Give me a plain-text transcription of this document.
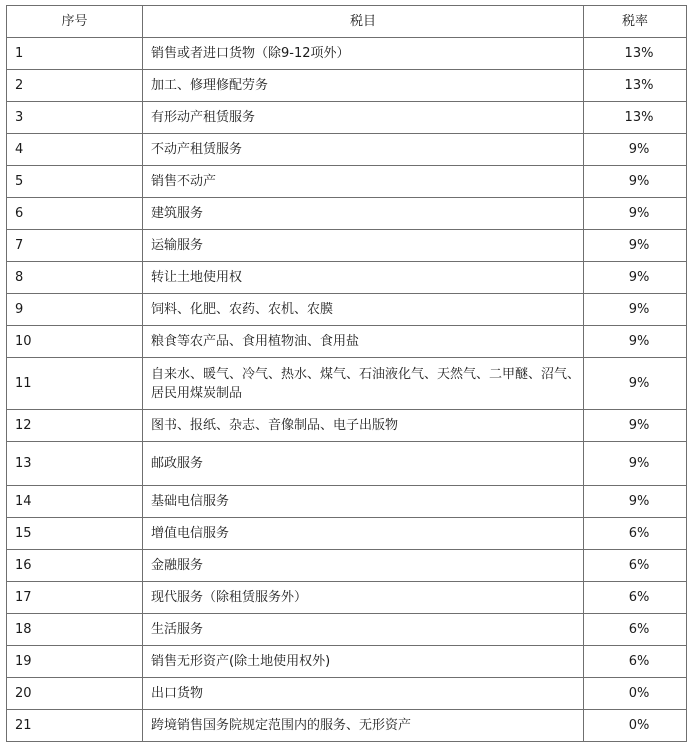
序号	税目	税率
1	销售或者进口货物（除9-12项外）	13%
2	加工、修理修配劳务	13%
3	有形动产租赁服务	13%
4	不动产租赁服务	9%
5	销售不动产	9%
6	建筑服务	9%
7	运输服务	9%
8	转让土地使用权	9%
9	饲料、化肥、农药、农机、农膜	9%
10	粮食等农产品、食用植物油、食用盐	9%
11	自来水、暖气、冷气、热水、煤气、石油液化气、天然气、二甲醚、沼气、居民用煤炭制品	9%
12	图书、报纸、杂志、音像制品、电子出版物	9%
13	邮政服务	9%
14	基础电信服务	9%
15	增值电信服务	6%
16	金融服务	6%
17	现代服务（除租赁服务外）	6%
18	生活服务	6%
19	销售无形资产(除土地使用权外)	6%
20	出口货物	0%
21	跨境销售国务院规定范围内的服务、无形资产	0%
